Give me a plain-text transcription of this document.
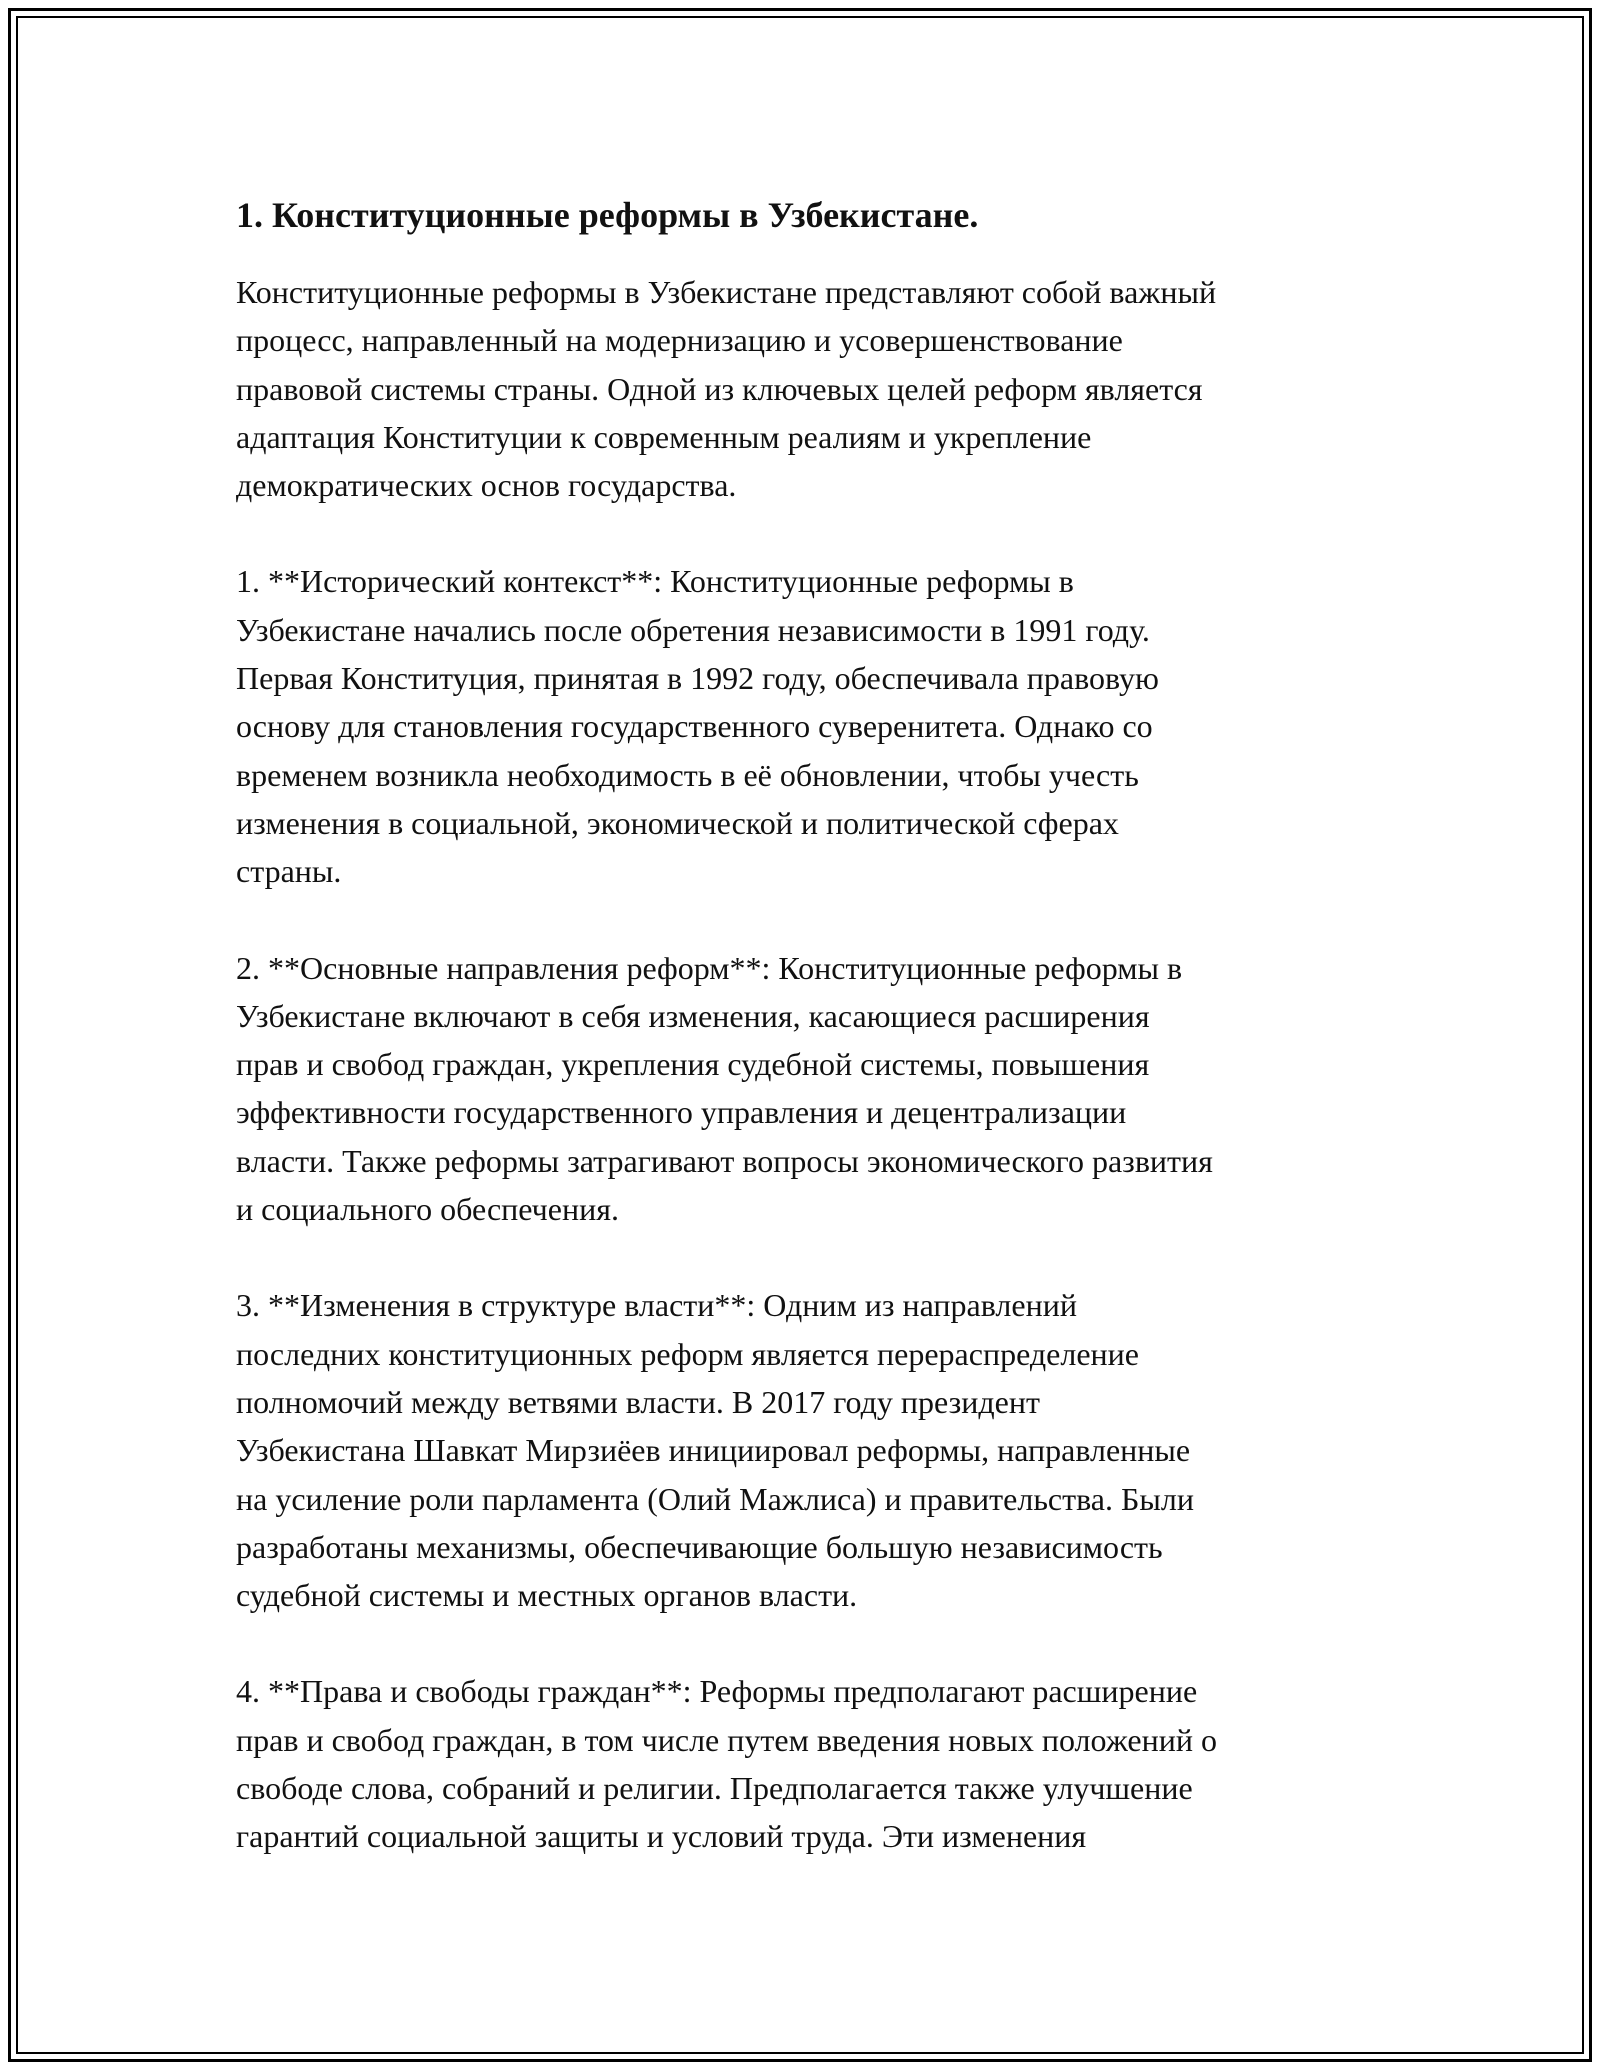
1. Конституционные реформы в Узбекистане.

Конституционные реформы в Узбекистане представляют собой важный
процесс, направленный на модернизацию и усовершенствование
правовой системы страны. Одной из ключевых целей реформ является
адаптация Конституции к современным реалиям и укрепление
демократических основ государства.

1. **Исторический контекст**: Конституционные реформы в
Узбекистане начались после обретения независимости в 1991 году.
Первая Конституция, принятая в 1992 году, обеспечивала правовую
основу для становления государственного суверенитета. Однако со
временем возникла необходимость в её обновлении, чтобы учесть
изменения в социальной, экономической и политической сферах
страны.

2. **Основные направления реформ**: Конституционные реформы в
Узбекистане включают в себя изменения, касающиеся расширения
прав и свобод граждан, укрепления судебной системы, повышения
эффективности государственного управления и децентрализации
власти. Также реформы затрагивают вопросы экономического развития
и социального обеспечения.

3. **Изменения в структуре власти**: Одним из направлений
последних конституционных реформ является перераспределение
полномочий между ветвями власти. В 2017 году президент
Узбекистана Шавкат Мирзиёев инициировал реформы, направленные
на усиление роли парламента (Олий Мажлиса) и правительства. Были
разработаны механизмы, обеспечивающие большую независимость
судебной системы и местных органов власти.

4. **Права и свободы граждан**: Реформы предполагают расширение
прав и свобод граждан, в том числе путем введения новых положений о
свободе слова, собраний и религии. Предполагается также улучшение
гарантий социальной защиты и условий труда. Эти изменения
